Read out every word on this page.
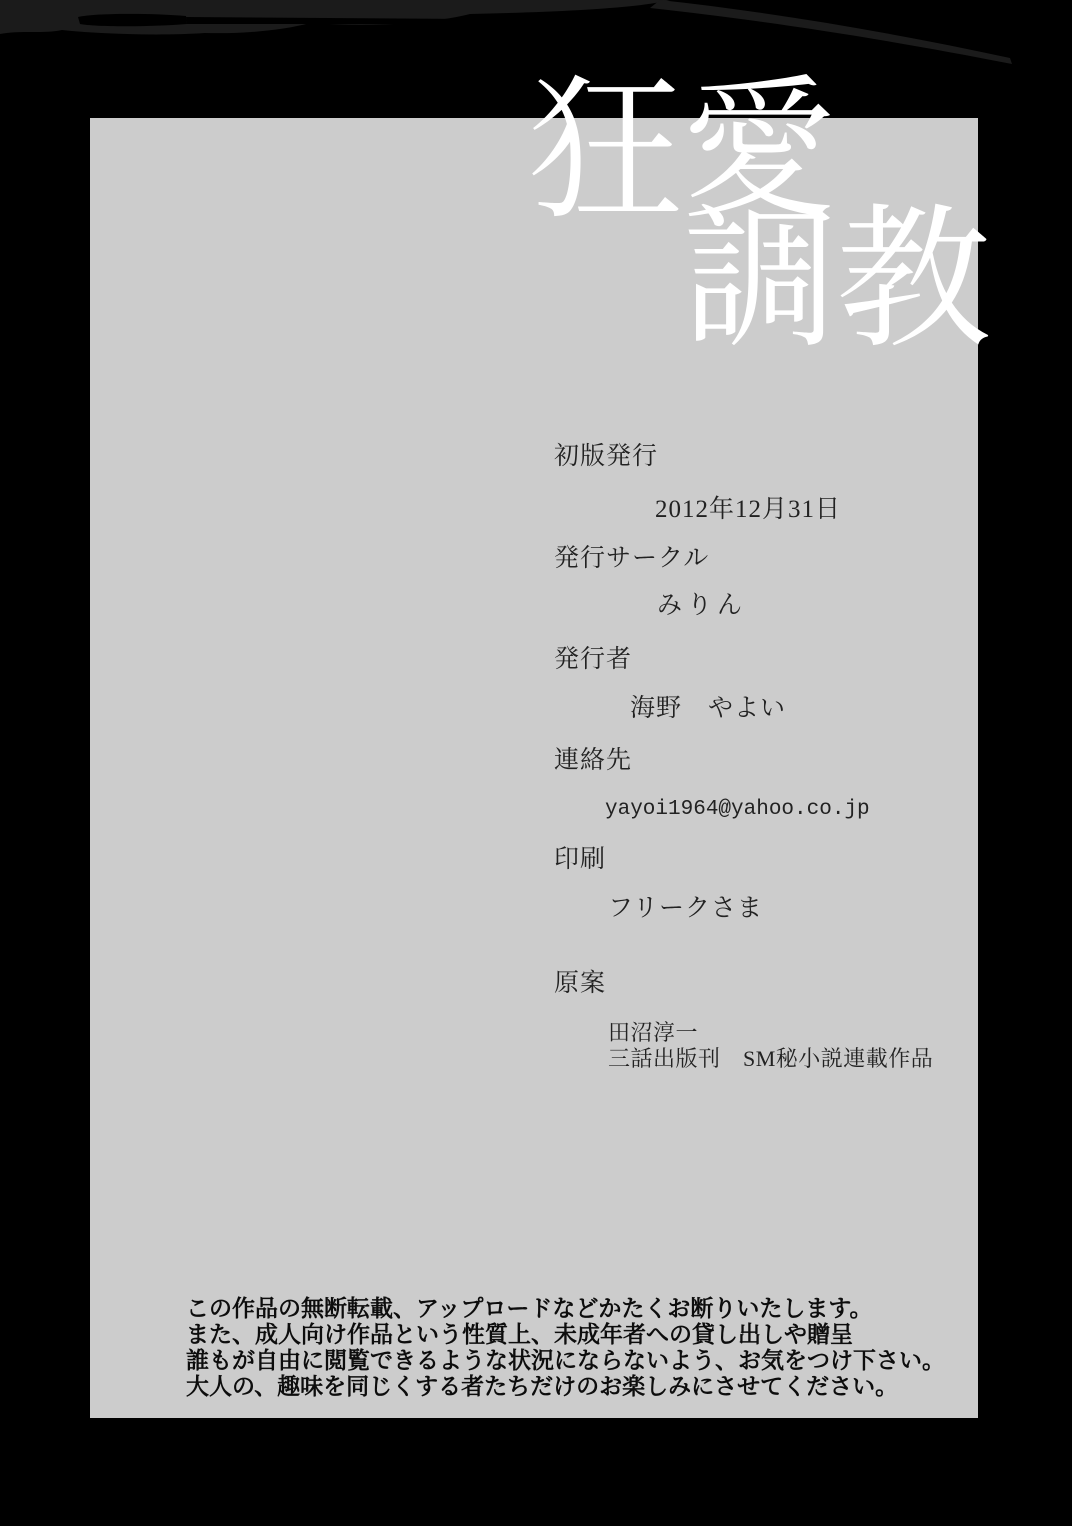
狂愛
調教
初版発行
2012年12月31日
発行サークル
みりん
発行者
海野　やよい
連絡先
yayoi1964@yahoo.co.jp
印刷
フリークさま
原案
田沼淳一
三話出版刊　SM秘小説連載作品
この作品の無断転載、アップロードなどかたくお断りいたします。
また、成人向け作品という性質上、未成年者への貸し出しや贈呈
誰もが自由に閲覧できるような状況にならないよう、お気をつけ下さい。
大人の、趣味を同じくする者たちだけのお楽しみにさせてください。
